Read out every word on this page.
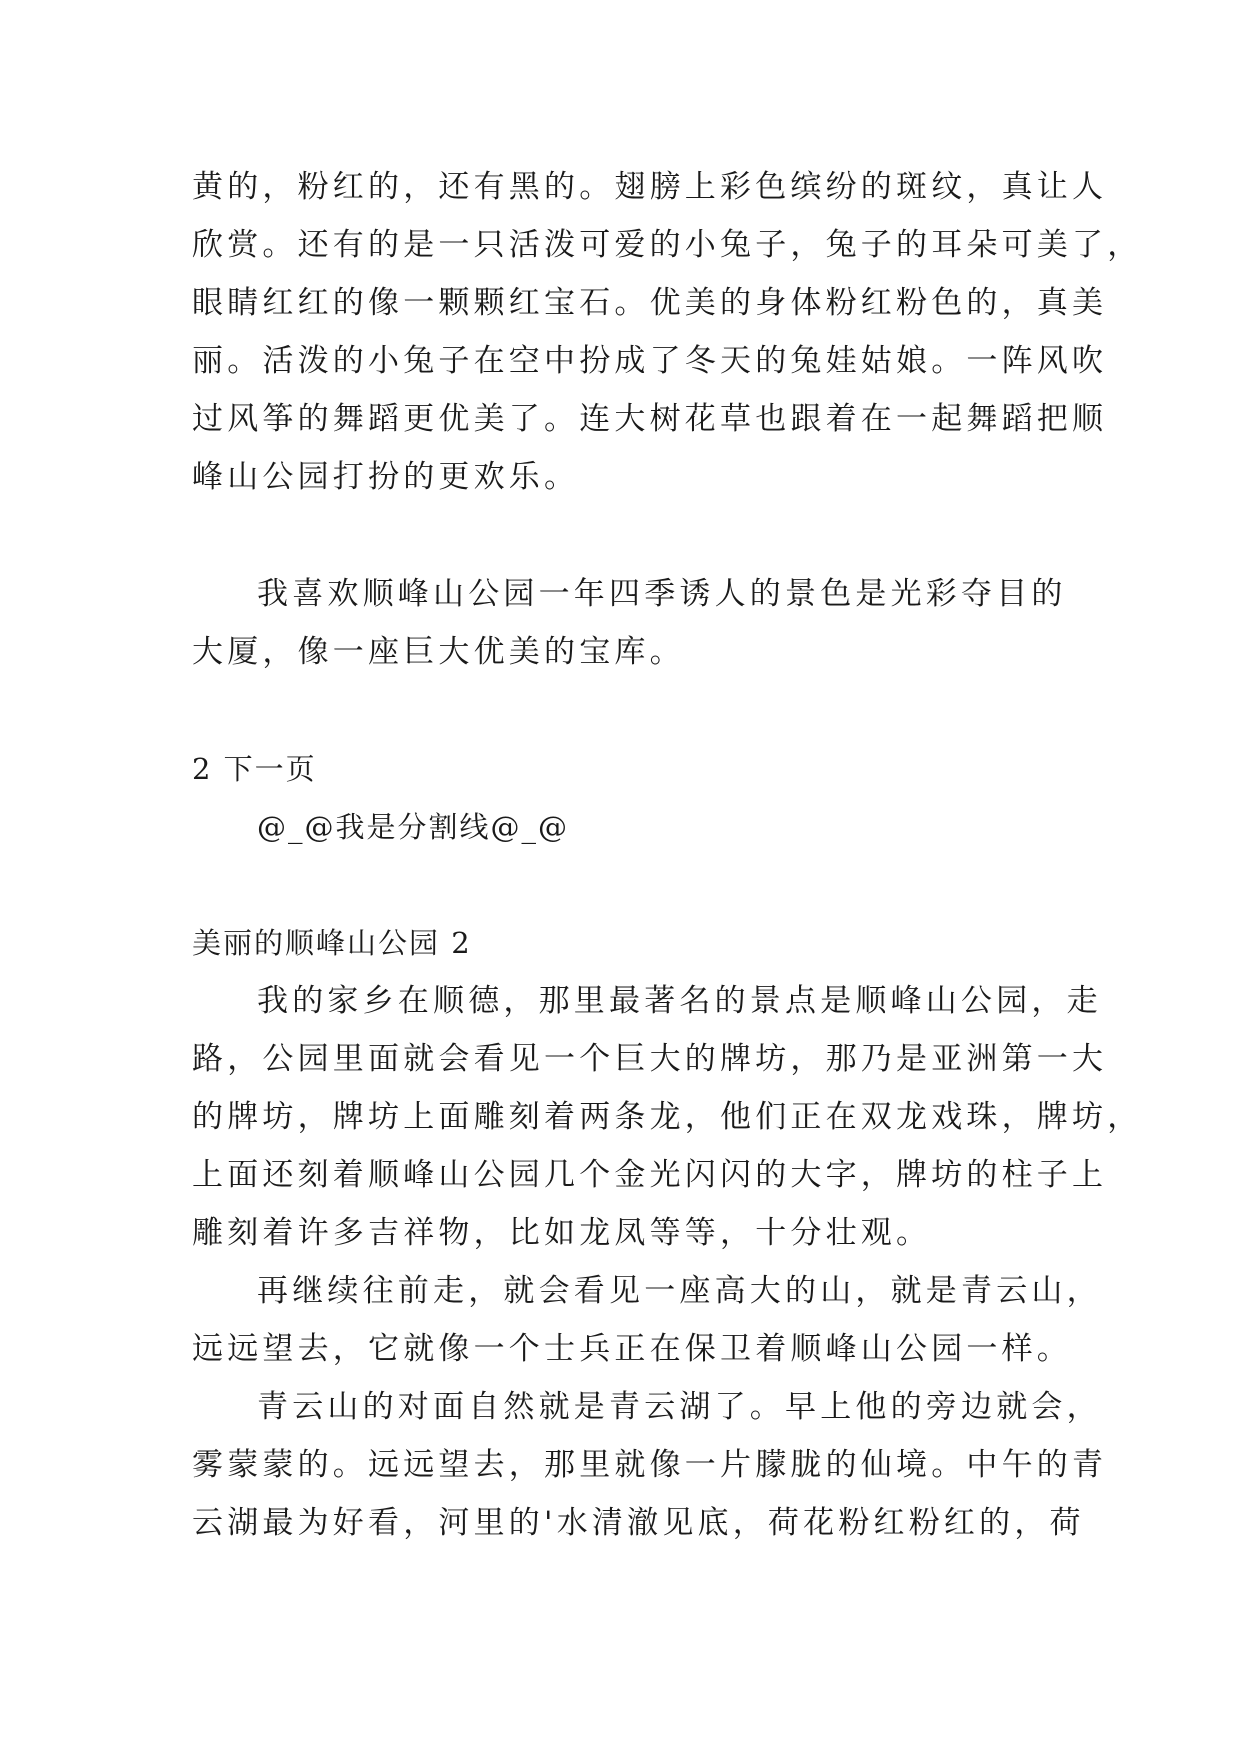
黄的，粉红的，还有黑的。翅膀上彩色缤纷的斑纹，真让人
欣赏。还有的是一只活泼可爱的小兔子，兔子的耳朵可美了，
眼睛红红的像一颗颗红宝石。优美的身体粉红粉色的，真美
丽。活泼的小兔子在空中扮成了冬天的兔娃姑娘。一阵风吹
过风筝的舞蹈更优美了。连大树花草也跟着在一起舞蹈把顺
峰山公园打扮的更欢乐。
我喜欢顺峰山公园一年四季诱人的景色是光彩夺目的
大厦，像一座巨大优美的宝库。
2 下一页
@_@我是分割线@_@
美丽的顺峰山公园 2
我的家乡在顺德，那里最著名的景点是顺峰山公园，走
路，公园里面就会看见一个巨大的牌坊，那乃是亚洲第一大
的牌坊，牌坊上面雕刻着两条龙，他们正在双龙戏珠，牌坊，
上面还刻着顺峰山公园几个金光闪闪的大字，牌坊的柱子上
雕刻着许多吉祥物，比如龙凤等等，十分壮观。
再继续往前走，就会看见一座高大的山，就是青云山，
远远望去，它就像一个士兵正在保卫着顺峰山公园一样。
青云山的对面自然就是青云湖了。早上他的旁边就会，
雾蒙蒙的。远远望去，那里就像一片朦胧的仙境。中午的青
云湖最为好看，河里的'水清澈见底，荷花粉红粉红的，荷
